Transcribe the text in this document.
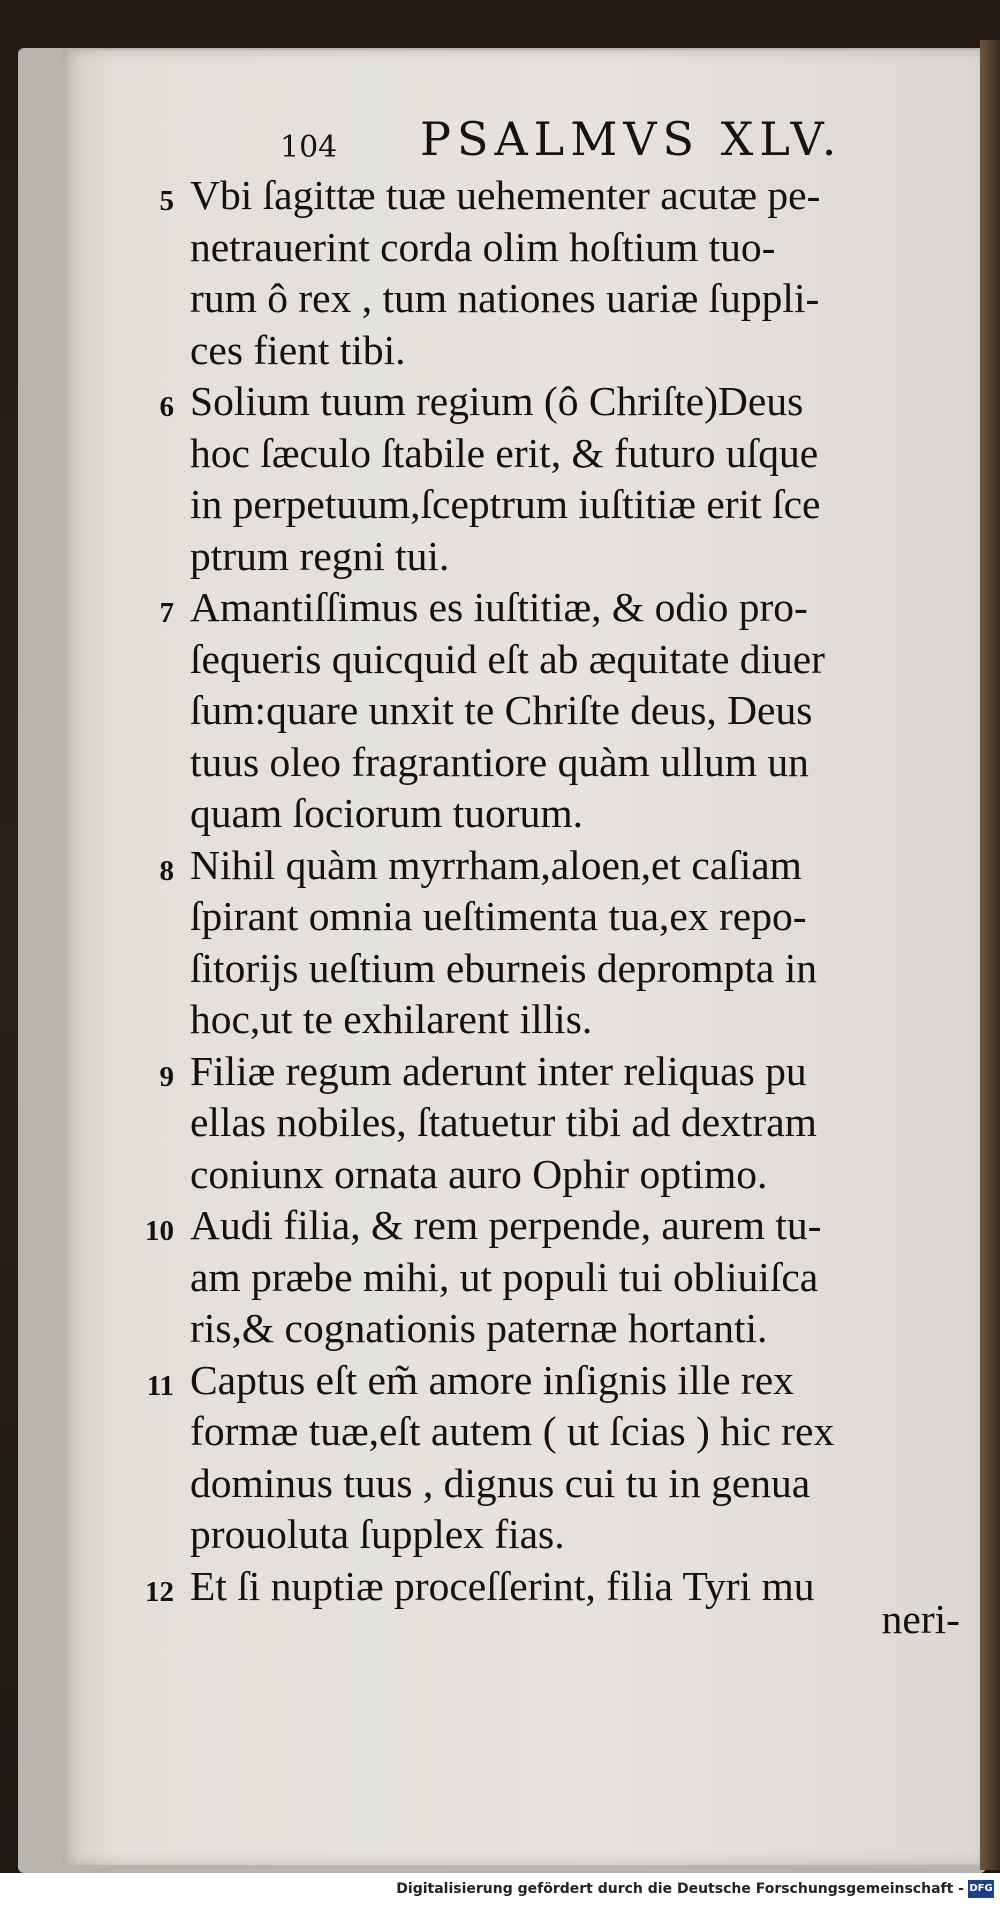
104 PSALMVS XLV.
5 Vbi ſagittæ tuæ uehementer acutæ pe-
netrauerint corda olim hoſtium tuo-
rum ô rex , tum nationes uariæ ſuppli-
ces fient tibi.
6 Solium tuum regium (ô Chriſte)Deus
hoc ſæculo ſtabile erit, & futuro uſque
in perpetuum,ſceptrum iuſtitiæ erit ſce
ptrum regni tui.
7 Amantiſſimus es iuſtitiæ, & odio pro-
ſequeris quicquid eſt ab æquitate diuer
ſum:quare unxit te Chriſte deus, Deus
tuus oleo fragrantiore quàm ullum un
quam ſociorum tuorum.
8 Nihil quàm myrrham,aloen,et caſiam
ſpirant omnia ueſtimenta tua,ex repo-
ſitorijs ueſtium eburneis deprompta in
hoc,ut te exhilarent illis.
9 Filiæ regum aderunt inter reliquas pu
ellas nobiles, ſtatuetur tibi ad dextram
coniunx ornata auro Ophir optimo.
10 Audi filia, & rem perpende, aurem tu-
am præbe mihi, ut populi tui obliuiſca
ris,& cognationis paternæ hortanti.
11 Captus eſt em̃ amore inſignis ille rex
formæ tuæ,eſt autem ( ut ſcias ) hic rex
dominus tuus , dignus cui tu in genua
prouoluta ſupplex fias.
12 Et ſi nuptiæ proceſſerint, filia Tyri mu
neri-
Digitalisierung gefördert durch die Deutsche Forschungsgemeinschaft - DFG
